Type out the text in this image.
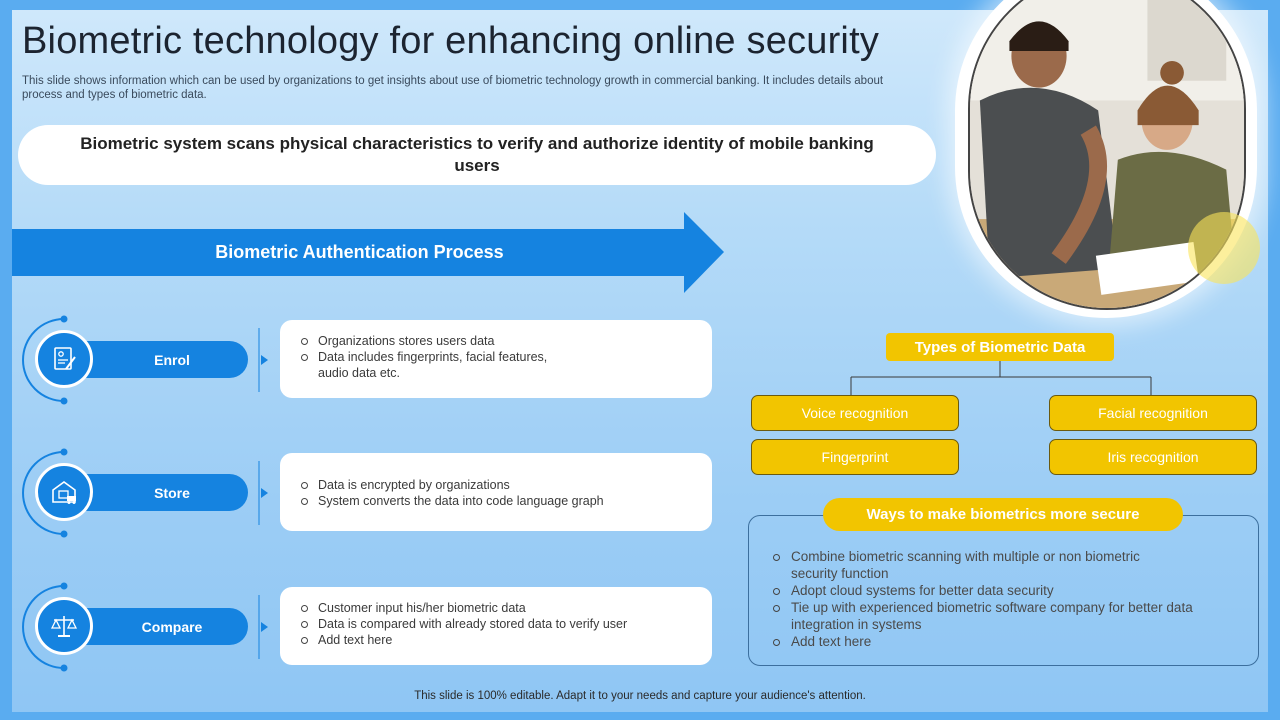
Biometric technology for enhancing online security
This slide shows information which can be used by organizations to get insights about use of biometric technology growth in commercial banking. It includes details about process and types of biometric data.
Biometric system scans physical characteristics to verify and authorize identity of mobile banking users
Biometric Authentication Process
Enrol
Organizations stores users data
Data includes fingerprints, facial features, audio data etc.
Store	Data is encrypted by organizations
System converts the data into code language graph
Compare
Customer input his/her biometric data
Data is compared with already stored data to verify user
Add text here
Types of Biometric Data
Voice recognition	Facial recognition
Fingerprint	Iris recognition
Ways to make biometrics more secure
Combine biometric scanning with multiple or non biometric security function
Adopt cloud systems for better data security
Tie up with experienced biometric software company for better data integration in systems
Add text here
This slide is 100% editable. Adapt it to your needs and capture your audience's attention.
